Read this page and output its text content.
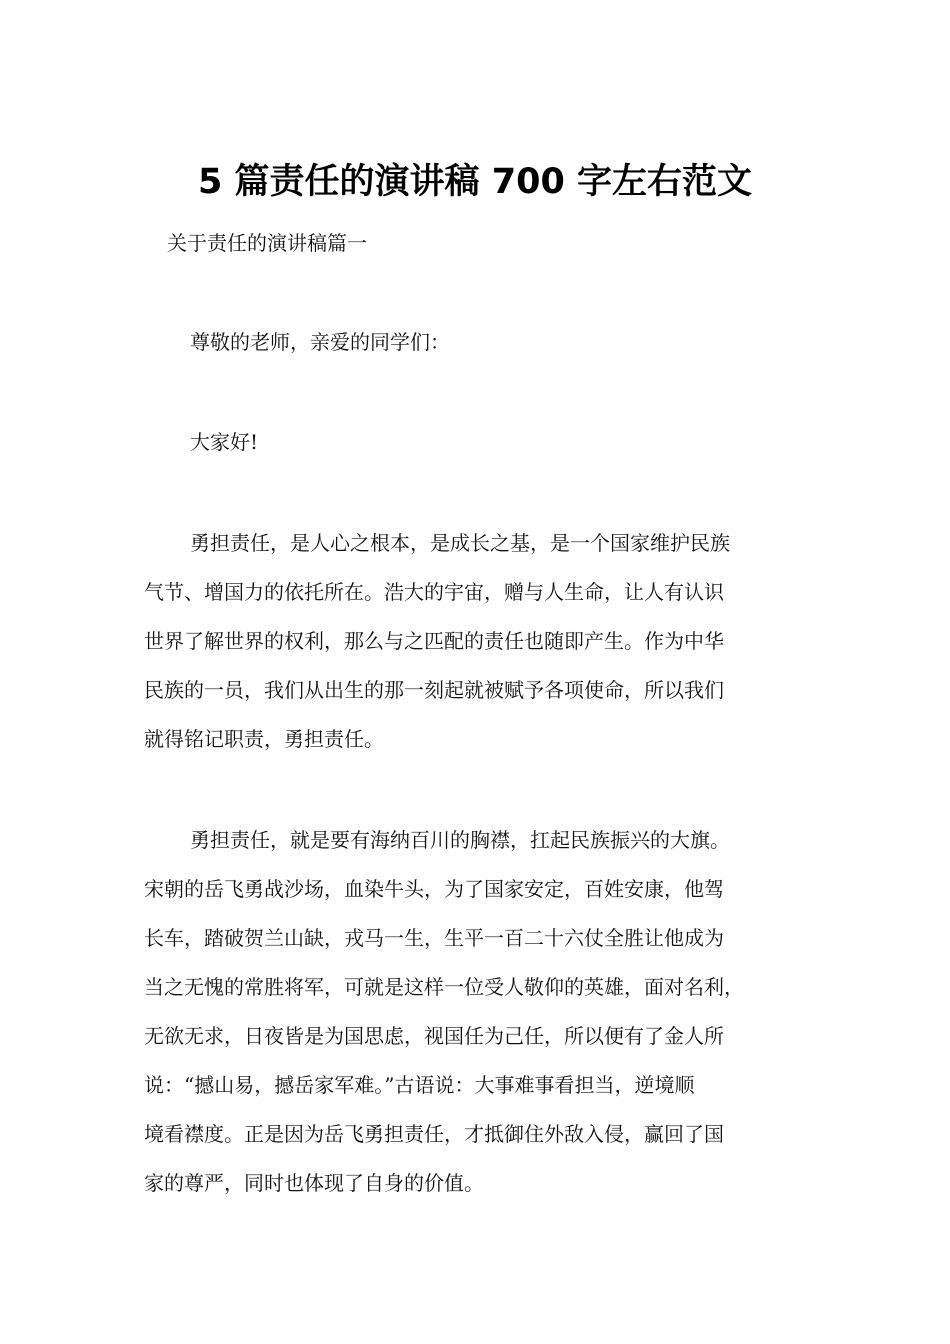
5 篇责任的演讲稿 700 字左右范文
关于责任的演讲稿篇一
尊敬的老师，亲爱的同学们：
大家好!
勇担责任，是人心之根本，是成长之基，是一个国家维护民族
气节、增国力的依托所在。浩大的宇宙，赠与人生命，让人有认识
世界了解世界的权利，那么与之匹配的责任也随即产生。作为中华
民族的一员，我们从出生的那一刻起就被赋予各项使命，所以我们
就得铭记职责，勇担责任。
勇担责任，就是要有海纳百川的胸襟，扛起民族振兴的大旗。
宋朝的岳飞勇战沙场，血染牛头，为了国家安定，百姓安康，他驾
长车，踏破贺兰山缺，戎马一生，生平一百二十六仗全胜让他成为
当之无愧的常胜将军，可就是这样一位受人敬仰的英雄，面对名利，
无欲无求，日夜皆是为国思虑，视国任为己任，所以便有了金人所
说：“撼山易，撼岳家军难。”古语说：大事难事看担当，逆境顺
境看襟度。正是因为岳飞勇担责任，才抵御住外敌入侵，赢回了国
家的尊严，同时也体现了自身的价值。
